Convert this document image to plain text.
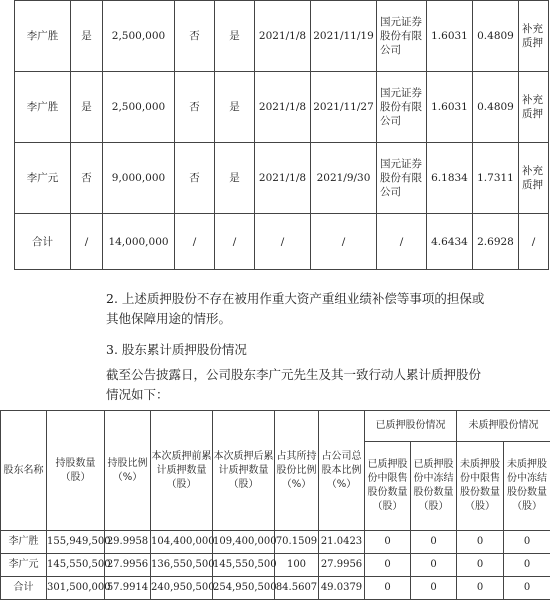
李广胜	是	2,500,000	否	是	2021/1/8	2021/11/19	国元证券股份有限公司	1.6031	0.4809	补充质押
李广胜	是	2,500,000	否	是	2021/1/8	2021/11/27	国元证券股份有限公司	1.6031	0.4809	补充质押
李广元	否	9,000,000	否	是	2021/1/8	2021/9/30	国元证券股份有限公司	6.1834	1.7311	补充质押
合计	/	14,000,000	/	/	/	/	/	4.6434	2.6928	/
2. 上述质押股份不存在被用作重大资产重组业绩补偿等事项的担保或其他保障用途的情形。
3. 股东累计质押股份情况
截至公告披露日，公司股东李广元先生及其一致行动人累计质押股份情况如下：
股东名称	持股数量（股）	持股比例（%）	本次质押前累计质押数量（股）	本次质押后累计质押数量（股）	占其所持股份比例（%）	占公司总股本比例（%）	已质押股份情况		未质押股份情况	
							已质押股份中限售股份数量（股）	已质押股份中冻结股份数量（股）	未质押股份中限售股份数量（股）	未质押股份中冻结股份数量（股）
李广胜	155,949,500	29.9958	104,400,000	109,400,000	70.1509	21.0423	0	0	0	0
李广元	145,550,500	27.9956	136,550,500	145,550,500	100	27.9956	0	0	0	0
合计	301,500,000	57.9914	240,950,500	254,950,500	84.5607	49.0379	0	0	0	0
